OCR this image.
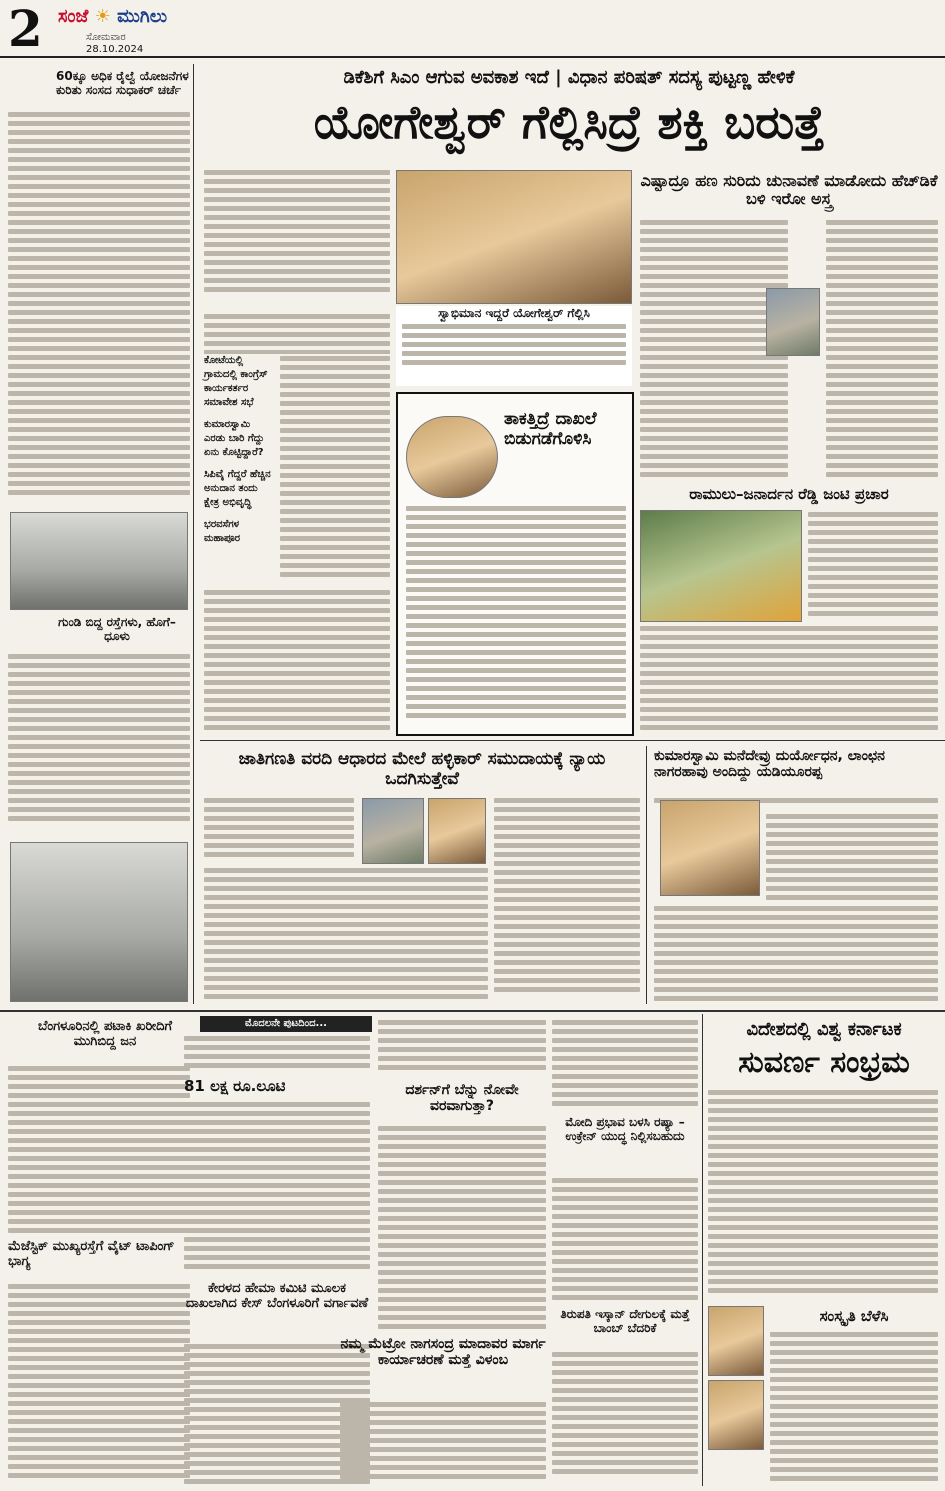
2 ಸಂಜೆ ☀ ಮುಗಿಲು
ಸೋಮವಾರ
28.10.2024
60ಕ್ಕೂ ಅಧಿಕ ರೈಲ್ವೆ ಯೋಜನೆಗಳ ಕುರಿತು ಸಂಸದ ಸುಧಾಕರ್ ಚರ್ಚೆ
ಗುಂಡಿ ಬಿದ್ದ ರಸ್ತೆಗಳು, ಹೊಗೆ–ಧೂಳು
ಡಿಕೆಶಿಗೆ ಸಿಎಂ ಆಗುವ ಅವಕಾಶ ಇದೆ | ವಿಧಾನ ಪರಿಷತ್ ಸದಸ್ಯ ಪುಟ್ಟಣ್ಣ ಹೇಳಿಕೆ
ಯೋಗೇಶ್ವರ್ ಗೆಲ್ಲಿಸಿದ್ರೆ ಶಕ್ತಿ ಬರುತ್ತೆ
ಸ್ವಾಭಿಮಾನ ಇದ್ದರೆ ಯೋಗೇಶ್ವರ್ ಗೆಲ್ಲಿಸಿ
ಕೋಟೆಯಲ್ಲಿ ಗ್ರಾಮದಲ್ಲಿ ಕಾಂಗ್ರೆಸ್ ಕಾರ್ಯಕರ್ತರ ಸಮಾವೇಶ ಸಭೆ
ಕುಮಾರಸ್ವಾಮಿ ಎರಡು ಬಾರಿ ಗೆದ್ದು ಏನು ಕೊಟ್ಟಿದ್ದಾರೆ?
ಸಿಪಿವೈ ಗೆದ್ದರೆ ಹೆಚ್ಚಿನ ಅನುದಾನ ತಂದು ಕ್ಷೇತ್ರ ಅಭಿವೃದ್ಧಿ
ಭರವಸೆಗಳ ಮಹಾಪೂರ
ತಾಕತ್ತಿದ್ರೆ ದಾಖಲೆ ಬಿಡುಗಡೆಗೊಳಿಸಿ
ಎಷ್ಟಾದ್ರೂ ಹಣ ಸುರಿದು ಚುನಾವಣೆ ಮಾಡೋದು ಹೆಚ್‌ಡಿಕೆ ಬಳಿ ಇರೋ ಅಸ್ತ್ರ
ರಾಮುಲು–ಜನಾರ್ದನ ರೆಡ್ಡಿ ಜಂಟಿ ಪ್ರಚಾರ
ಜಾತಿಗಣತಿ ವರದಿ ಆಧಾರದ ಮೇಲೆ ಹಳ್ಳಿಕಾರ್ ಸಮುದಾಯಕ್ಕೆ ನ್ಯಾಯ ಒದಗಿಸುತ್ತೇವೆ
ಕುಮಾರಸ್ವಾಮಿ ಮನೆದೇವ್ರು ದುರ್ಯೋಧನ, ಲಾಂಛನ ನಾಗರಹಾವು ಅಂದಿದ್ದು ಯಡಿಯೂರಪ್ಪ
ಬೆಂಗಳೂರಿನಲ್ಲಿ ಪಟಾಕಿ ಖರೀದಿಗೆ ಮುಗಿಬಿದ್ದ ಜನ
ಮೆಜೆಸ್ಟಿಕ್ ಮುಖ್ಯರಸ್ತೆಗೆ ವೈಟ್ ಟಾಪಿಂಗ್ ಭಾಗ್ಯ
ಮೊದಲನೇ ಪುಟದಿಂದ...
81 ಲಕ್ಷ ರೂ.ಲೂಟಿ
ಕೇರಳದ ಹೇಮಾ ಕಮಿಟಿ ಮೂಲಕ ದಾಖಲಾಗಿದ ಕೇಸ್ ಬೆಂಗಳೂರಿಗೆ ವರ್ಗಾವಣೆ
ದರ್ಶನ್‌ಗೆ ಬೆನ್ನು ನೋವೇ ವರವಾಗುತ್ತಾ?
ನಮ್ಮ ಮೆಟ್ರೋ ನಾಗಸಂದ್ರ ಮಾದಾವರ ಮಾರ್ಗ ಕಾರ್ಯಾಚರಣೆ ಮತ್ತೆ ವಿಳಂಬ
ಮೋದಿ ಪ್ರಭಾವ ಬಳಸಿ ರಷ್ಯಾ – ಉಕ್ರೇನ್ ಯುದ್ಧ ನಿಲ್ಲಿಸಬಹುದು
ತಿರುಪತಿ ಇಸ್ಕಾನ್ ದೇಗುಲಕ್ಕೆ ಮತ್ತೆ ಬಾಂಬ್ ಬೆದರಿಕೆ
ವಿದೇಶದಲ್ಲಿ ವಿಶ್ವ ಕರ್ನಾಟಕ
ಸುವರ್ಣ ಸಂಭ್ರಮ
ಸಂಸ್ಕೃತಿ ಬೆಳೆಸಿ
